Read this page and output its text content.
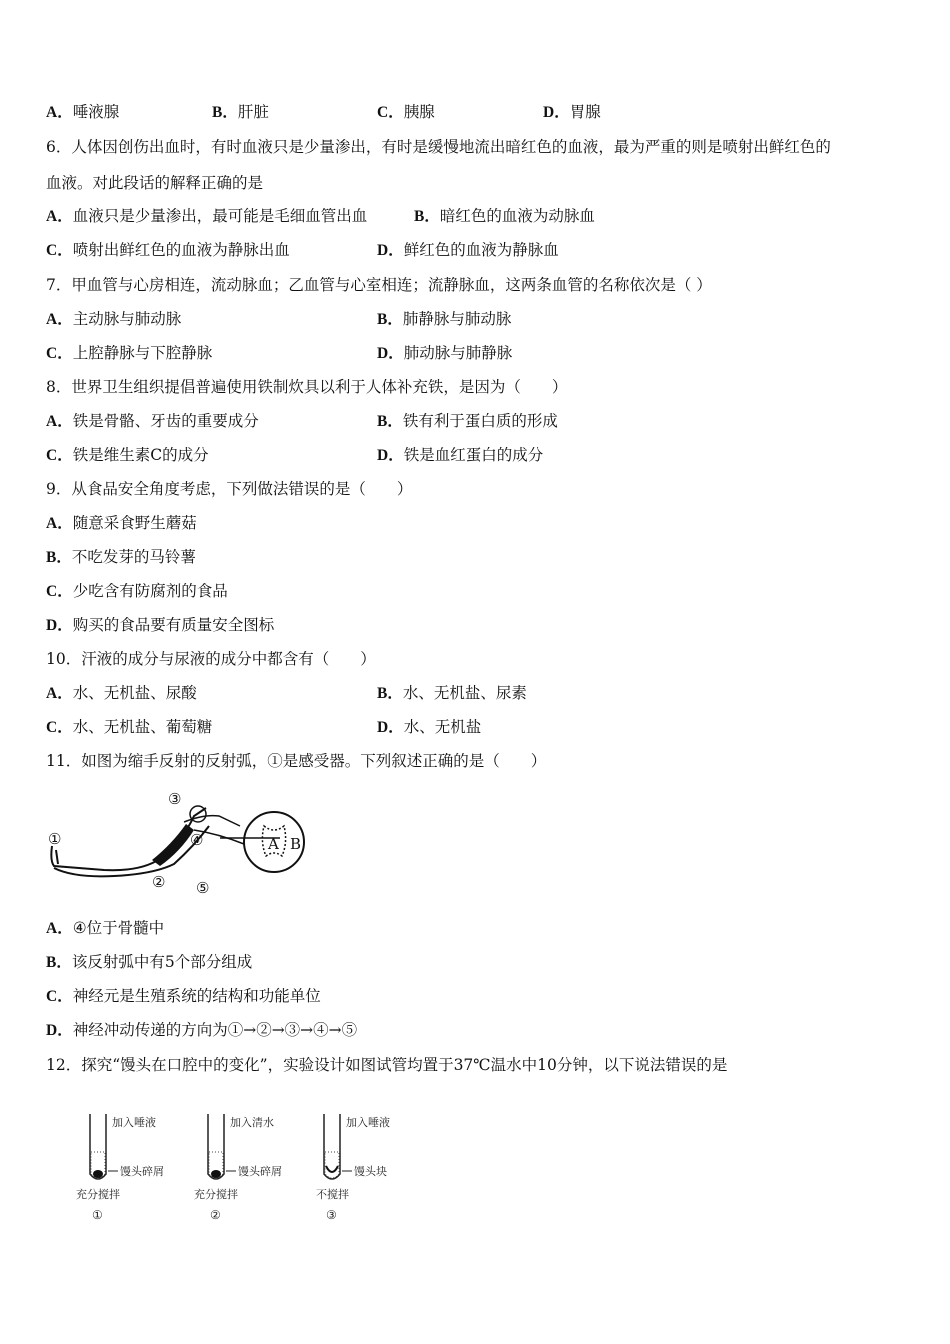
A．唾液腺	B．肝脏	C．胰腺	D．胃腺
6．人体因创伤出血时，有时血液只是少量渗出，有时是缓慢地流出暗红色的血液，最为严重的则是喷射出鲜红色的
血液。对此段话的解释正确的是
A．血液只是少量渗出，最可能是毛细血管出血	B．暗红色的血液为动脉血
C．喷射出鲜红色的血液为静脉出血	D．鲜红色的血液为静脉血
7．甲血管与心房相连，流动脉血；乙血管与心室相连；流静脉血，这两条血管的名称依次是（ ）
A．主动脉与肺动脉	B．肺静脉与肺动脉
C．上腔静脉与下腔静脉	D．肺动脉与肺静脉
8．世界卫生组织提倡普遍使用铁制炊具以利于人体补充铁，是因为（　　）
A．铁是骨骼、牙齿的重要成分	B．铁有利于蛋白质的形成
C．铁是维生素C的成分	D．铁是血红蛋白的成分
9．从食品安全角度考虑，下列做法错误的是（　　）
A．随意采食野生蘑菇
B．不吃发芽的马铃薯
C．少吃含有防腐剂的食品
D．购买的食品要有质量安全图标
10．汗液的成分与尿液的成分中都含有（　　）
A．水、无机盐、尿酸	B．水、无机盐、尿素
C．水、无机盐、葡萄糖	D．水、无机盐
11．如图为缩手反射的反射弧，①是感受器。下列叙述正确的是（　　）
①
②
③
④
⑤
A B
A．④位于骨髓中
B．该反射弧中有5个部分组成
C．神经元是生殖系统的结构和功能单位
D．神经冲动传递的方向为①→②→③→④→⑤
12．探究“馒头在口腔中的变化”，实验设计如图试管均置于37℃温水中10分钟，以下说法错误的是
加入唾液
馒头碎屑
充分搅拌
①
加入清水
馒头碎屑
充分搅拌
②
加入唾液
馒头块
不搅拌
③
